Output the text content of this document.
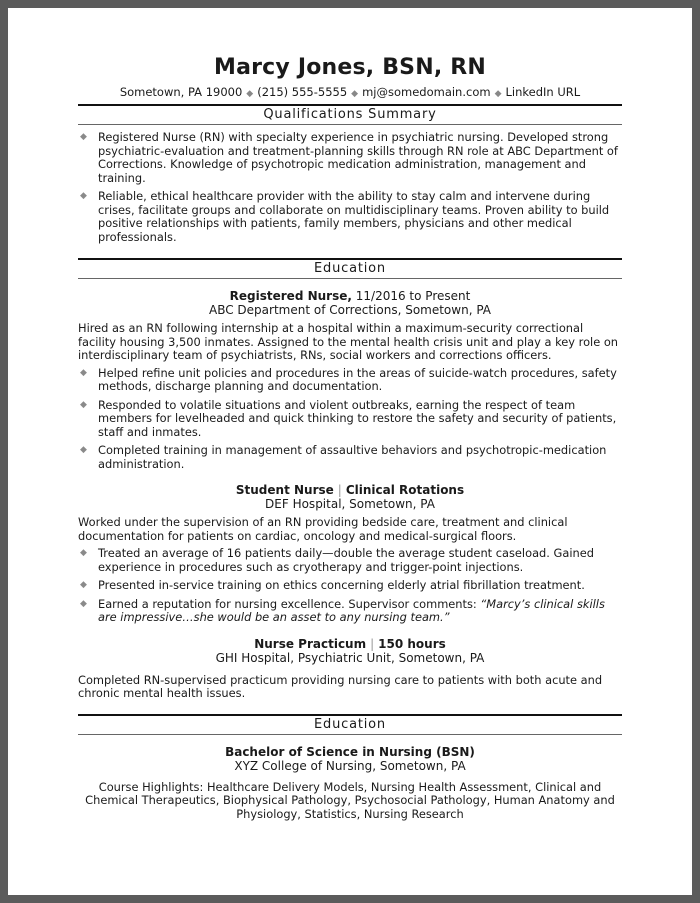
Marcy Jones, BSN, RN
Sometown, PA 19000 ◆ (215) 555-5555 ◆ mj@somedomain.com ◆ LinkedIn URL
Qualifications Summary
◆ Registered Nurse (RN) with specialty experience in psychiatric nursing. Developed strong psychiatric-evaluation and treatment-planning skills through RN role at ABC Department of Corrections. Knowledge of psychotropic medication administration, management and training.
◆ Reliable, ethical healthcare provider with the ability to stay calm and intervene during crises, facilitate groups and collaborate on multidisciplinary teams. Proven ability to build positive relationships with patients, family members, physicians and other medical professionals.
Education
Registered Nurse, 11/2016 to Present
ABC Department of Corrections, Sometown, PA
Hired as an RN following internship at a hospital within a maximum-security correctional facility housing 3,500 inmates. Assigned to the mental health crisis unit and play a key role on interdisciplinary team of psychiatrists, RNs, social workers and corrections officers.
◆ Helped refine unit policies and procedures in the areas of suicide-watch procedures, safety methods, discharge planning and documentation.
◆ Responded to volatile situations and violent outbreaks, earning the respect of team members for levelheaded and quick thinking to restore the safety and security of patients, staff and inmates.
◆ Completed training in management of assaultive behaviors and psychotropic-medication administration.
Student Nurse | Clinical Rotations
DEF Hospital, Sometown, PA
Worked under the supervision of an RN providing bedside care, treatment and clinical documentation for patients on cardiac, oncology and medical-surgical floors.
◆ Treated an average of 16 patients daily—double the average student caseload. Gained experience in procedures such as cryotherapy and trigger-point injections.
◆ Presented in-service training on ethics concerning elderly atrial fibrillation treatment.
◆ Earned a reputation for nursing excellence. Supervisor comments: “Marcy’s clinical skills are impressive…she would be an asset to any nursing team.”
Nurse Practicum | 150 hours
GHI Hospital, Psychiatric Unit, Sometown, PA
Completed RN-supervised practicum providing nursing care to patients with both acute and chronic mental health issues.
Education
Bachelor of Science in Nursing (BSN)
XYZ College of Nursing, Sometown, PA
Course Highlights: Healthcare Delivery Models, Nursing Health Assessment, Clinical and Chemical Therapeutics, Biophysical Pathology, Psychosocial Pathology, Human Anatomy and Physiology, Statistics, Nursing Research
